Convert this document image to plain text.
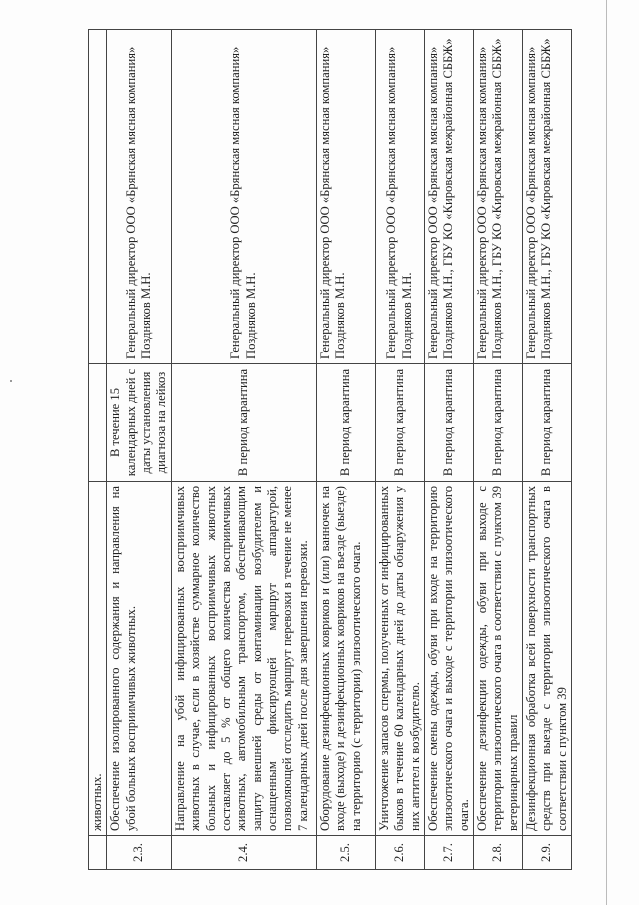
	животных.		
2.3.	Обеспечение изолированного содержания и направления на убой больных восприимчивых животных.	В течение 15 календарных дней с даты установления диагноза на лейкоз	Генеральный директор ООО «Брянская мясная компания» Поздняков М.Н.
2.4.	Направление на убой инфицированных восприимчивых животных в случае, если в хозяйстве суммарное количество больных и инфицированных восприимчивых животных составляет до 5 % от общего количества восприимчивых животных, автомобильным транспортом, обеспечивающим защиту внешней среды от контаминации возбудителем и оснащенным фиксирующей маршрут аппаратурой, позволяющей отследить маршрут перевозки в течение не менее 7 календарных дней после дня завершения перевозки.	В период карантина	Генеральный директор ООО «Брянская мясная компания» Поздняков М.Н.
2.5.	Оборудование дезинфекционных ковриков и (или) ванночек на входе (выходе) и дезинфекционных ковриков на въезде (выезде) на территорию (с территории) эпизоотического очага.	В период карантина	Генеральный директор ООО «Брянская мясная компания» Поздняков М.Н.
2.6.	Уничтожение запасов спермы, полученных от инфицированных быков в течение 60 календарных дней до даты обнаружения у них антител к возбудителю.	В период карантина	Генеральный директор ООО «Брянская мясная компания» Поздняков М.Н.
2.7.	Обеспечение смены одежды, обуви при входе на территорию эпизоотического очага и выходе с территории эпизоотического очага.	В период карантина	Генеральный директор ООО «Брянская мясная компания» Поздняков М.Н., ГБУ КО «Кировская межрайонная СББЖ»
2.8.	Обеспечение дезинфекции одежды, обуви при выходе с территории эпизоотического очага в соответствии с пунктом 39 ветеринарных правил	В период карантина	Генеральный директор ООО «Брянская мясная компания» Поздняков М.Н., ГБУ КО «Кировская межрайонная СББЖ»
2.9.	Дезинфекционная обработка всей поверхности транспортных средств при выезде с территории эпизоотического очага в соответствии с пунктом 39	В период карантина	Генеральный директор ООО «Брянская мясная компания» Поздняков М.Н., ГБУ КО «Кировская межрайонная СББЖ»
